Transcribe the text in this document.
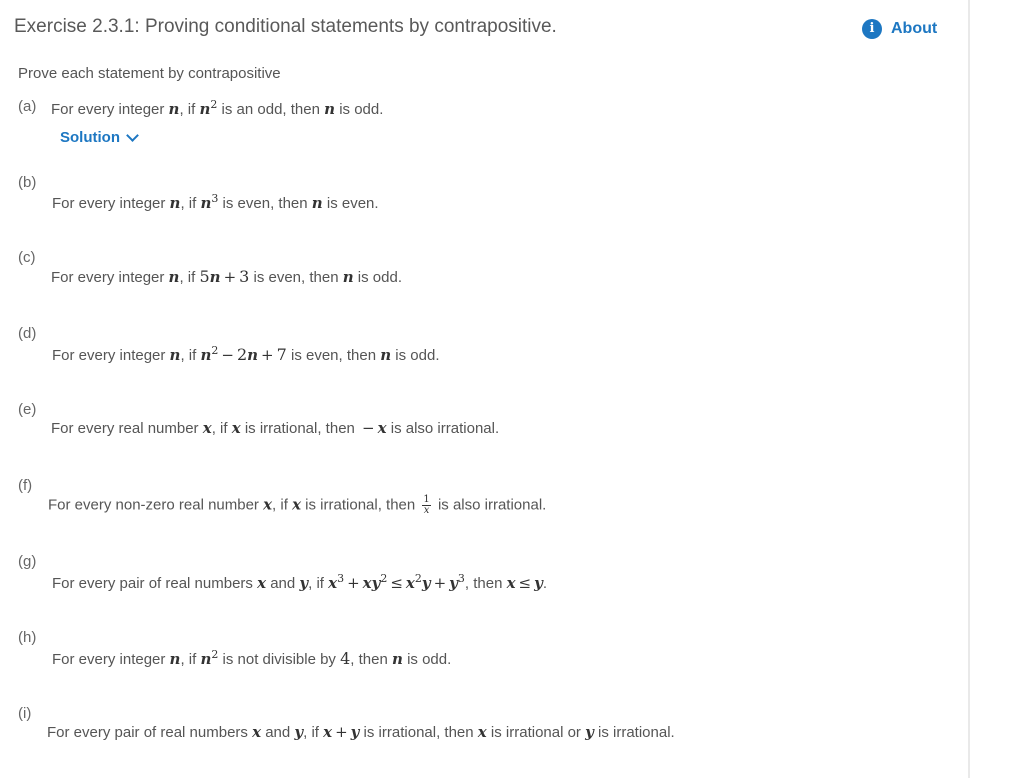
Exercise 2.3.1: Proving conditional statements by contrapositive.	i	About
Prove each statement by contrapositive
(a) For every integer n, if $n^2$ is an odd, then n is odd.
Solution
(b)
For every integer n, if $n^3$ is even, then n is even.
(c)
For every integer n, if 5n + 3 is even, then n is odd.
(d)
For every integer n, if $n^2 - 2n + 7$ is even, then n is odd.
(e)
For every real number x, if x is irrational, then − x is also irrational.
(f)
For every non-zero real number x, if x is irrational, then $\frac{1}{x}$ is also irrational.
(g)
For every pair of real numbers x and y, if $x^3 + xy^2 \le x^2y + y^3$, then x ≤ y.
(h)
For every integer n, if $n^2$ is not divisible by 4, then n is odd.
(i)
For every pair of real numbers x and y, if x + y is irrational, then x is irrational or y is irrational.
